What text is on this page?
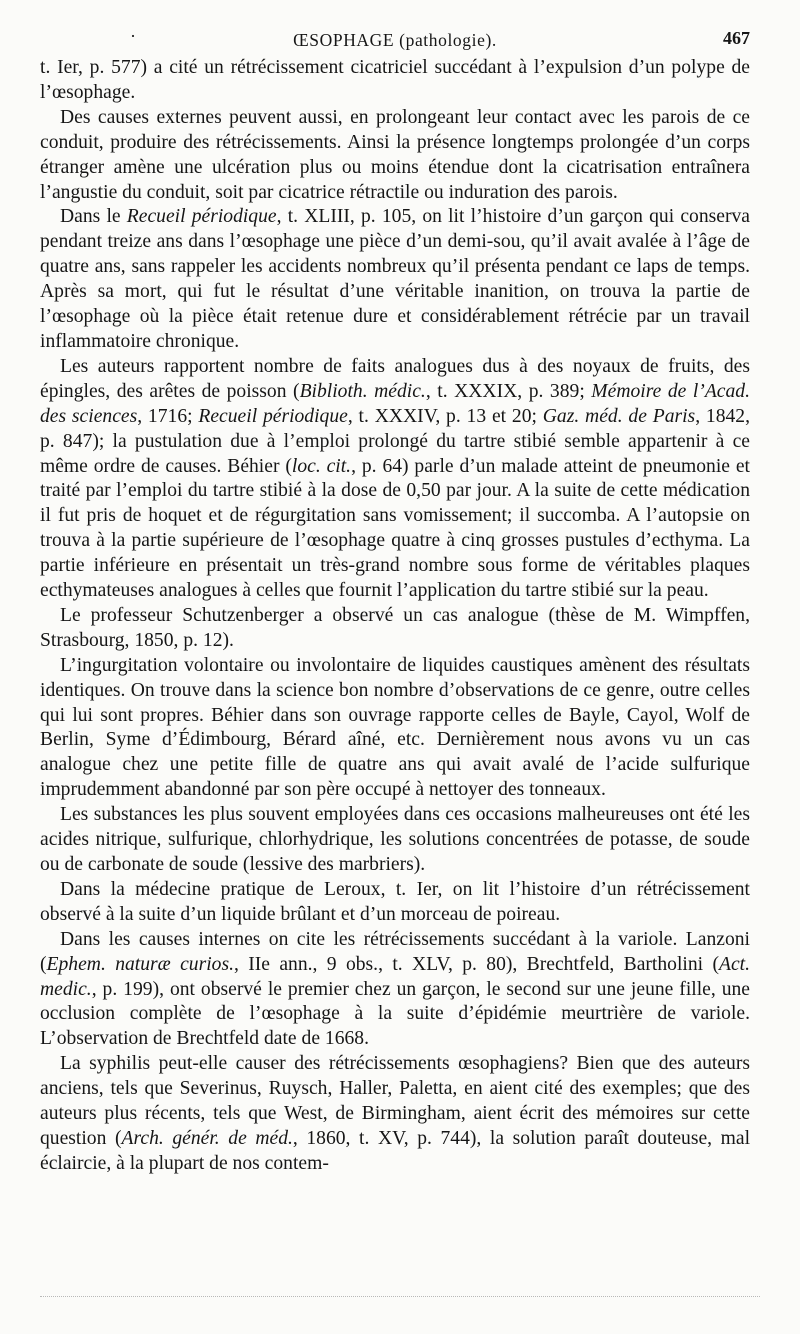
·	ŒSOPHAGE (pathologie).	467

t. Ier, p. 577) a cité un rétrécissement cicatriciel succédant à l’expulsion d’un polype de l’œsophage.

Des causes externes peuvent aussi, en prolongeant leur contact avec les parois de ce conduit, produire des rétrécissements. Ainsi la présence longtemps prolongée d’un corps étranger amène une ulcération plus ou moins étendue dont la cicatrisation entraînera l’angustie du conduit, soit par cicatrice rétractile ou induration des parois.

Dans le Recueil périodique, t. XLIII, p. 105, on lit l’histoire d’un garçon qui conserva pendant treize ans dans l’œsophage une pièce d’un demi-sou, qu’il avait avalée à l’âge de quatre ans, sans rappeler les accidents nombreux qu’il présenta pendant ce laps de temps. Après sa mort, qui fut le résultat d’une véritable inanition, on trouva la partie de l’œsophage où la pièce était retenue dure et considérablement rétrécie par un travail inflammatoire chronique.

Les auteurs rapportent nombre de faits analogues dus à des noyaux de fruits, des épingles, des arêtes de poisson (Biblioth. médic., t. XXXIX, p. 389; Mémoire de l’Acad. des sciences, 1716; Recueil périodique, t. XXXIV, p. 13 et 20; Gaz. méd. de Paris, 1842, p. 847); la pustulation due à l’emploi prolongé du tartre stibié semble appartenir à ce même ordre de causes. Béhier (loc. cit., p. 64) parle d’un malade atteint de pneumonie et traité par l’emploi du tartre stibié à la dose de 0,50 par jour. A la suite de cette médication il fut pris de hoquet et de régurgitation sans vomissement; il succomba. A l’autopsie on trouva à la partie supérieure de l’œsophage quatre à cinq grosses pustules d’ecthyma. La partie inférieure en présentait un très-grand nombre sous forme de véritables plaques ecthymateuses analogues à celles que fournit l’application du tartre stibié sur la peau.

Le professeur Schutzenberger a observé un cas analogue (thèse de M. Wimpffen, Strasbourg, 1850, p. 12).

L’ingurgitation volontaire ou involontaire de liquides caustiques amènent des résultats identiques. On trouve dans la science bon nombre d’observations de ce genre, outre celles qui lui sont propres. Béhier dans son ouvrage rapporte celles de Bayle, Cayol, Wolf de Berlin, Syme d’Édimbourg, Bérard aîné, etc. Dernièrement nous avons vu un cas analogue chez une petite fille de quatre ans qui avait avalé de l’acide sulfurique imprudemment abandonné par son père occupé à nettoyer des tonneaux.

Les substances les plus souvent employées dans ces occasions malheureuses ont été les acides nitrique, sulfurique, chlorhydrique, les solutions concentrées de potasse, de soude ou de carbonate de soude (lessive des marbriers).

Dans la médecine pratique de Leroux, t. Ier, on lit l’histoire d’un rétrécissement observé à la suite d’un liquide brûlant et d’un morceau de poireau.

Dans les causes internes on cite les rétrécissements succédant à la variole. Lanzoni (Ephem. naturæ curios., IIe ann., 9 obs., t. XLV, p. 80), Brechtfeld, Bartholini (Act. medic., p. 199), ont observé le premier chez un garçon, le second sur une jeune fille, une occlusion complète de l’œsophage à la suite d’épidémie meurtrière de variole. L’observation de Brechtfeld date de 1668.

La syphilis peut-elle causer des rétrécissements œsophagiens? Bien que des auteurs anciens, tels que Severinus, Ruysch, Haller, Paletta, en aient cité des exemples; que des auteurs plus récents, tels que West, de Birmingham, aient écrit des mémoires sur cette question (Arch. génér. de méd., 1860, t. XV, p. 744), la solution paraît douteuse, mal éclaircie, à la plupart de nos contem-
